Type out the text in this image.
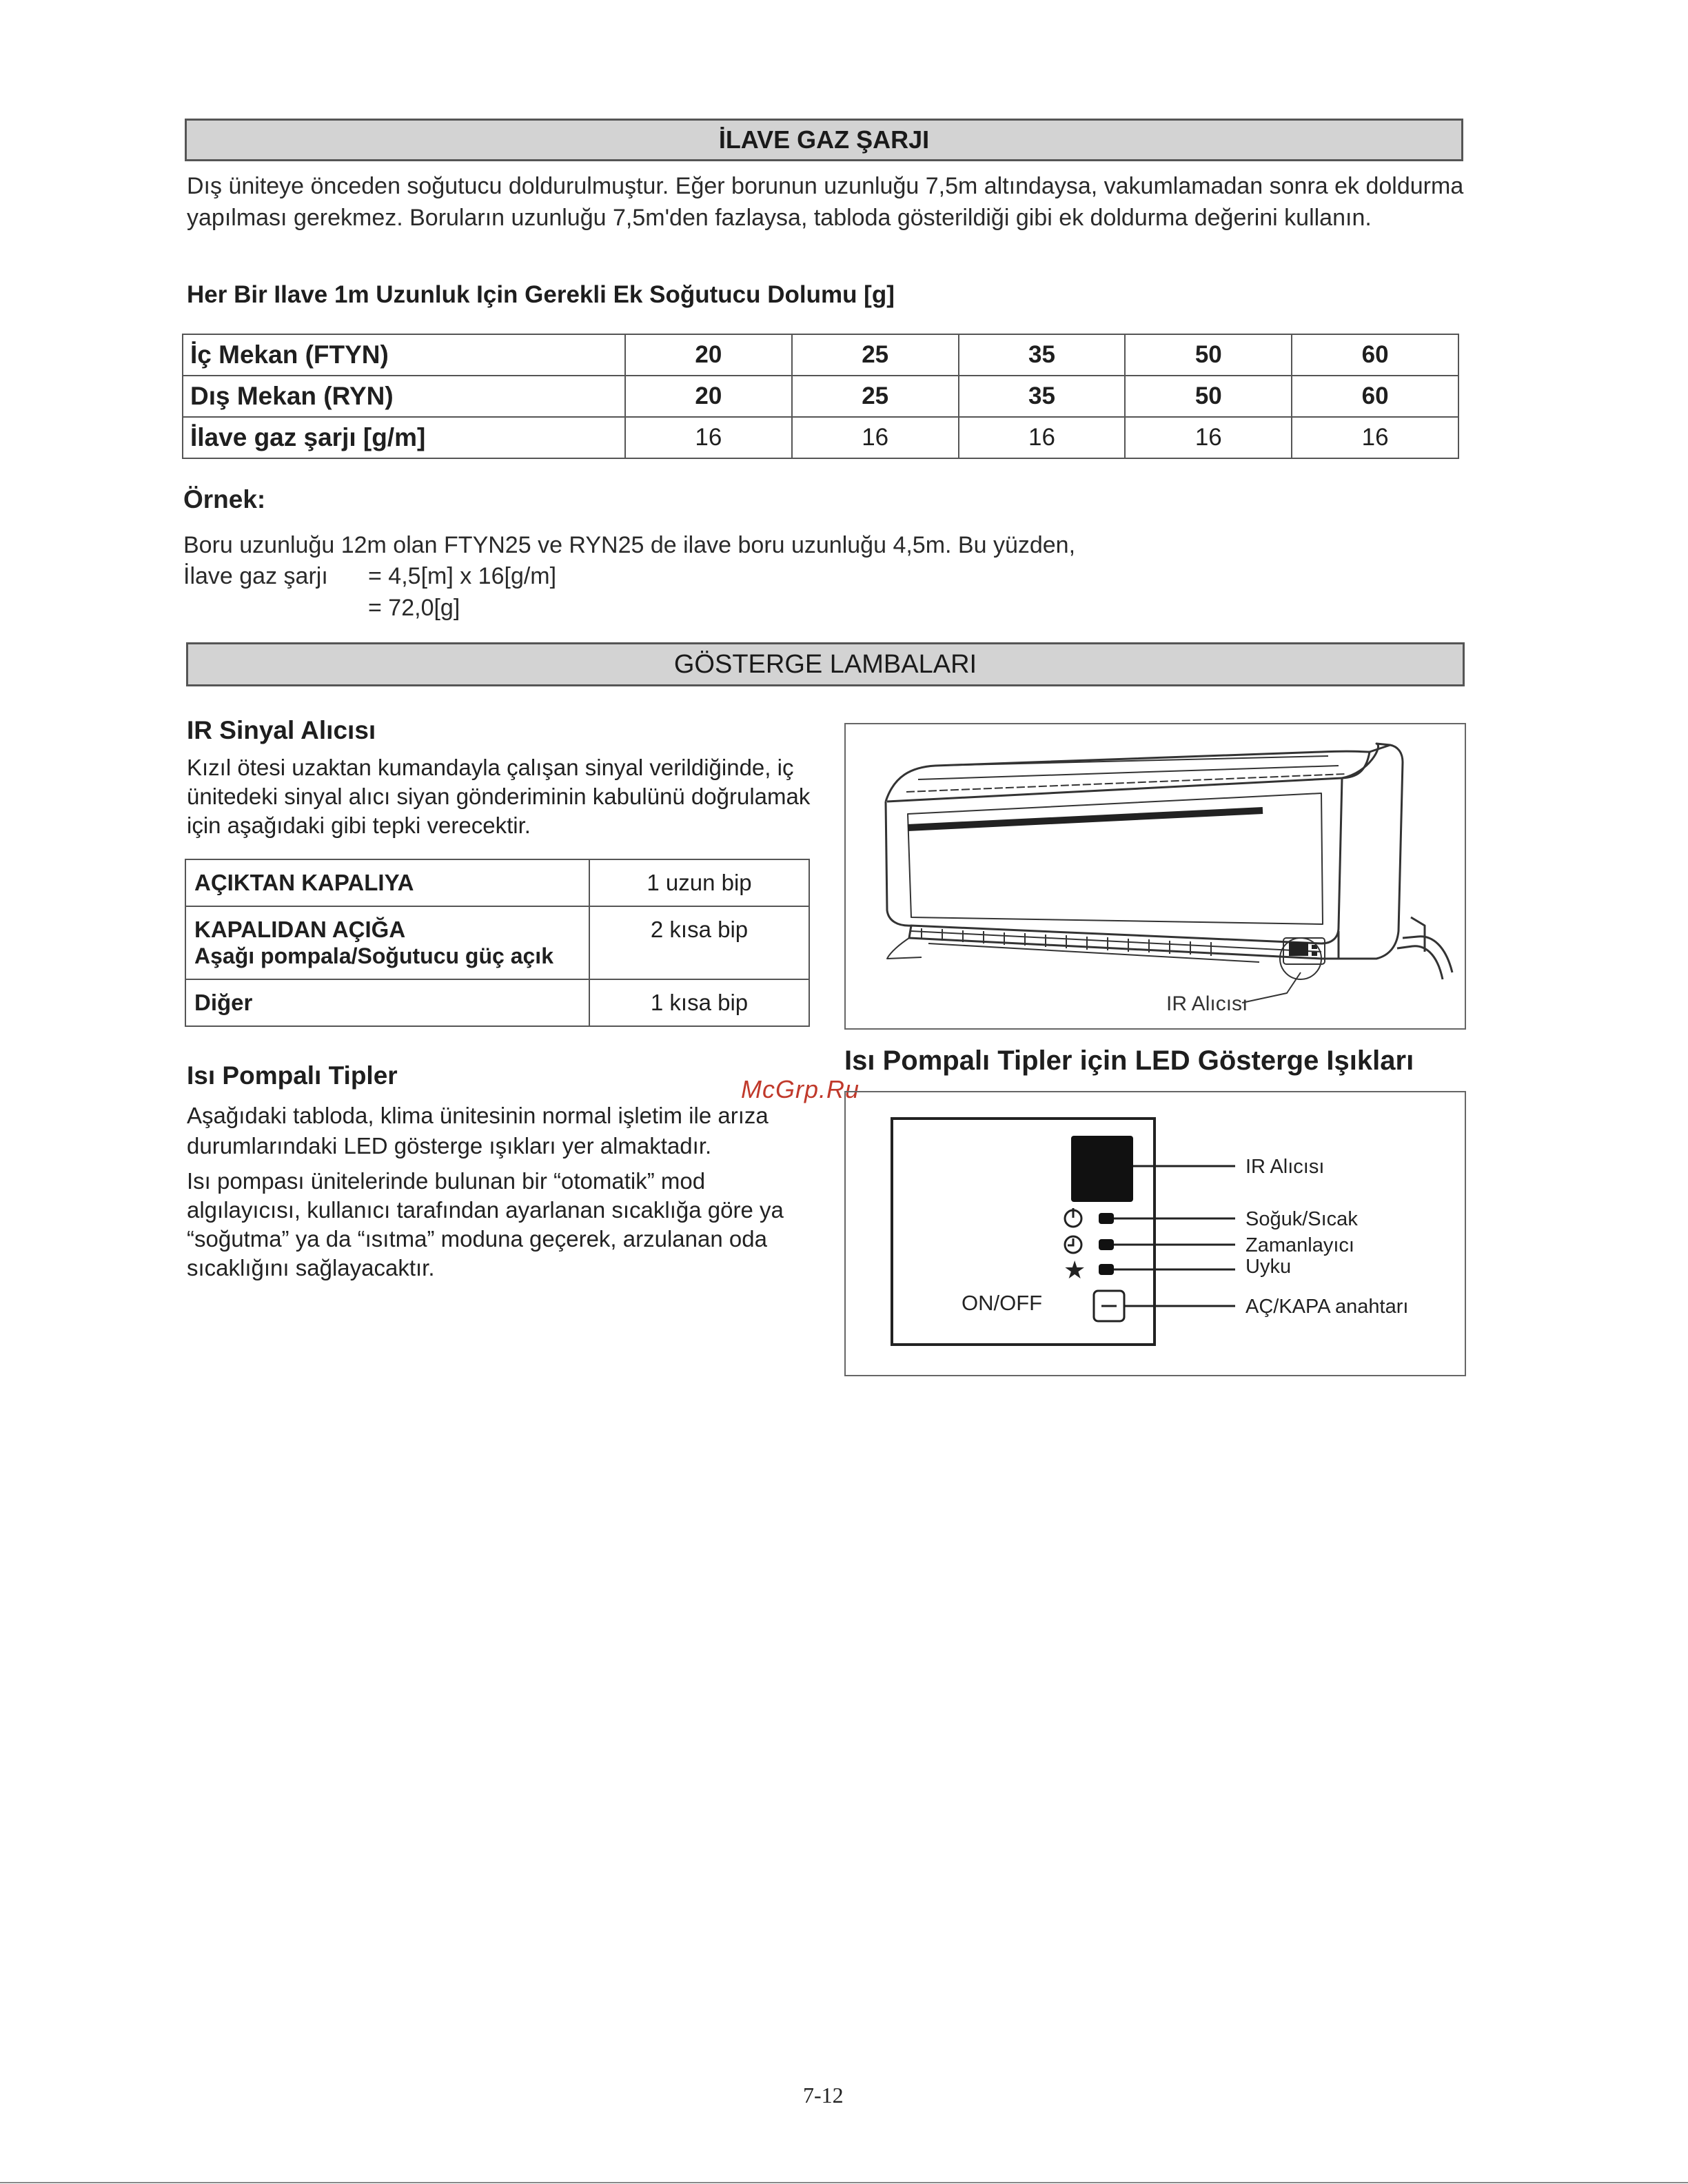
İLAVE GAZ ŞARJI
Dış üniteye önceden soğutucu doldurulmuştur. Eğer borunun uzunluğu 7,5m altındaysa, vakumlamadan sonra ek doldurma yapılması gerekmez. Boruların uzunluğu 7,5m'den fazlaysa, tabloda gösterildiği gibi ek doldurma değerini kullanın.
Her Bir Ilave 1m Uzunluk Için Gerekli Ek Soğutucu Dolumu [g]
İç Mekan (FTYN)	20	25	35	50	60
Dış Mekan (RYN)	20	25	35	50	60
İlave gaz şarjı [g/m]	16	16	16	16	16
Örnek:
Boru uzunluğu 12m olan FTYN25 ve RYN25 de ilave boru uzunluğu 4,5m. Bu yüzden,
İlave gaz şarjı = 4,5[m] x 16[g/m]
= 72,0[g]
GÖSTERGE LAMBALARI
IR Sinyal Alıcısı
Kızıl ötesi uzaktan kumandayla çalışan sinyal verildiğinde, iç ünitedeki sinyal alıcı siyan gönderiminin kabulünü doğrulamak için aşağıdaki gibi tepki verecektir.
AÇIKTAN KAPALIYA	1 uzun bip
KAPALIDAN AÇIĞA
Aşağı pompala/Soğutucu güç açık	2 kısa bip
Diğer	1 kısa bip	IR Alıcısı
Isı Pompalı Tipler
Aşağıdaki tabloda, klima ünitesinin normal işletim ile arıza durumlarındaki LED gösterge ışıkları yer almaktadır.
Isı pompası ünitelerinde bulunan bir “otomatik” mod algılayıcısı, kullanıcı tarafından ayarlanan sıcaklığa göre ya “soğutma” ya da “ısıtma” moduna geçerek, arzulanan oda sıcaklığını sağlayacaktır.
Isı Pompalı Tipler için LED Gösterge Işıkları
McGrp.Ru
IR Alıcısı
Soğuk/Sıcak
Zamanlayıcı
★	Uyku
ON/OFF	AÇ/KAPA anahtarı
7-12
